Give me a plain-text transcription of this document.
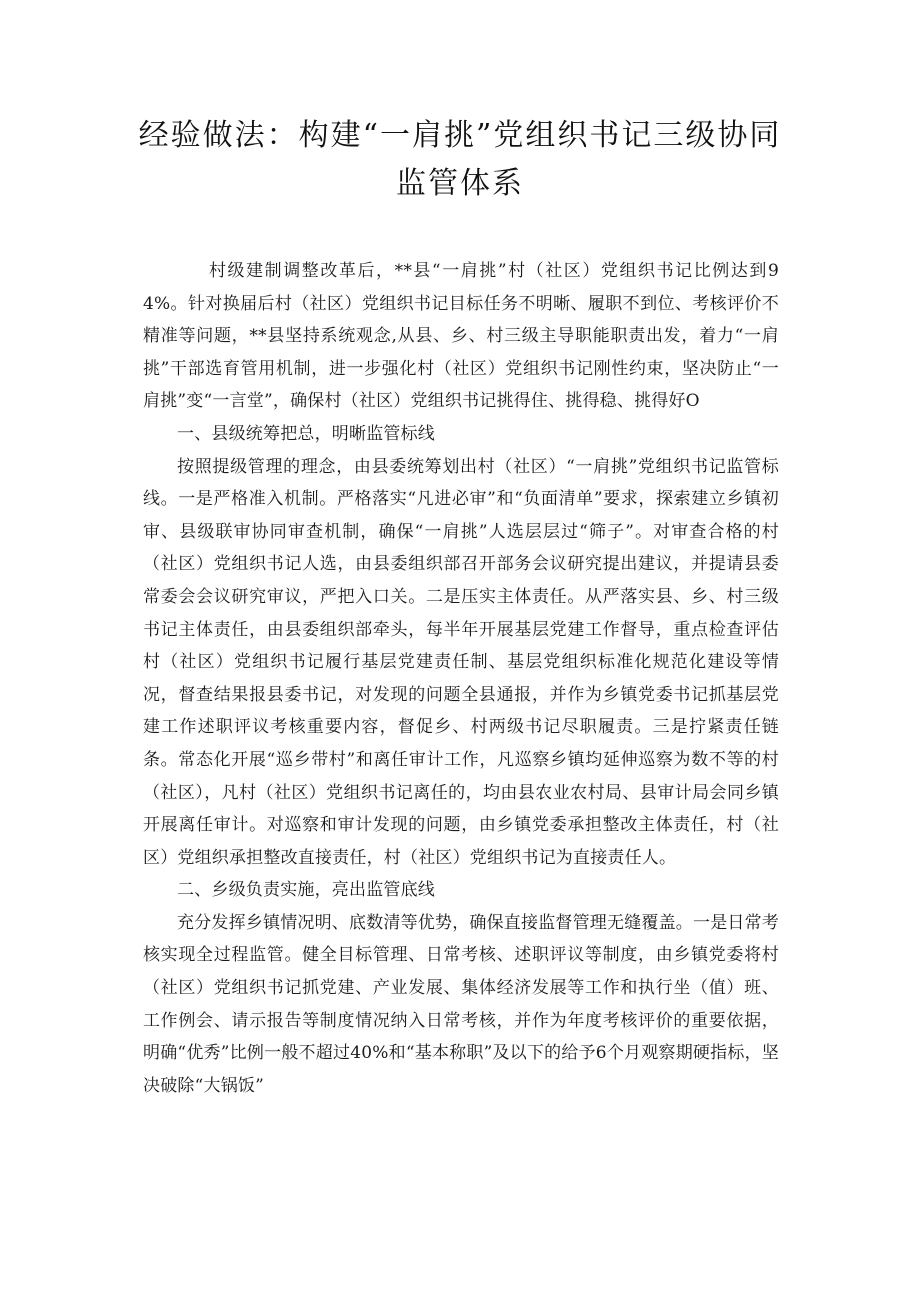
经验做法：构建“一肩挑”党组织书记三级协同监管体系

村级建制调整改革后，**县“一肩挑”村（社区）党组织书记比例达到94%。针对换届后村（社区）党组织书记目标任务不明晰、履职不到位、考核评价不精准等问题，**县坚持系统观念,从县、乡、村三级主导职能职责出发，着力“一肩挑”干部选育管用机制，进一步强化村（社区）党组织书记刚性约束，坚决防止“一肩挑”变“一言堂”，确保村（社区）党组织书记挑得住、挑得稳、挑得好O

一、县级统筹把总，明晰监管标线

按照提级管理的理念，由县委统筹划出村（社区）“一肩挑”党组织书记监管标线。一是严格准入机制。严格落实“凡进必审”和“负面清单”要求，探索建立乡镇初审、县级联审协同审查机制，确保“一肩挑”人选层层过“筛子”。对审查合格的村（社区）党组织书记人选，由县委组织部召开部务会议研究提出建议，并提请县委常委会会议研究审议，严把入口关。二是压实主体责任。从严落实县、乡、村三级书记主体责任，由县委组织部牵头，每半年开展基层党建工作督导，重点检查评估村（社区）党组织书记履行基层党建责任制、基层党组织标准化规范化建设等情况，督查结果报县委书记，对发现的问题全县通报，并作为乡镇党委书记抓基层党建工作述职评议考核重要内容，督促乡、村两级书记尽职履责。三是拧紧责任链条。常态化开展“巡乡带村”和离任审计工作，凡巡察乡镇均延伸巡察为数不等的村（社区），凡村（社区）党组织书记离任的，均由县农业农村局、县审计局会同乡镇开展离任审计。对巡察和审计发现的问题，由乡镇党委承担整改主体责任，村（社区）党组织承担整改直接责任，村（社区）党组织书记为直接责任人。

二、乡级负责实施，亮出监管底线

充分发挥乡镇情况明、底数清等优势，确保直接监督管理无缝覆盖。一是日常考核实现全过程监管。健全目标管理、日常考核、述职评议等制度，由乡镇党委将村（社区）党组织书记抓党建、产业发展、集体经济发展等工作和执行坐（值）班、工作例会、请示报告等制度情况纳入日常考核，并作为年度考核评价的重要依据，明确“优秀”比例一般不超过40%和“基本称职”及以下的给予6个月观察期硬指标，坚决破除“大锅饭”
